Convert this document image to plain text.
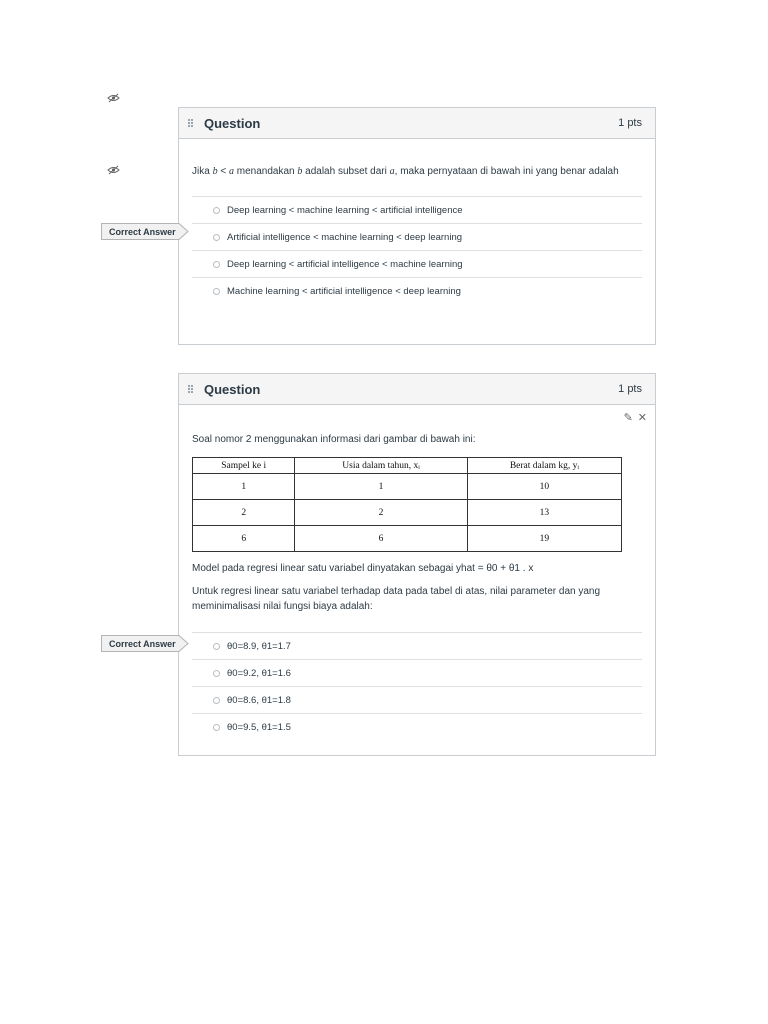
Question	1 pts
Jika b < a menandakan b adalah subset dari a, maka pernyataan di bawah ini yang benar adalah
Deep learning < machine learning < artificial intelligence
Artificial intelligence < machine learning < deep learning
Deep learning < artificial intelligence < machine learning
Machine learning < artificial intelligence < deep learning
Correct Answer
Question	1 pts
✎ ✕
Soal nomor 2 menggunakan informasi dari gambar di bawah ini:
Sampel ke i	Usia dalam tahun, xᵢ	Berat dalam kg, yᵢ
1	1	10
2	2	13
6	6	19
Model pada regresi linear satu variabel dinyatakan sebagai yhat = θ0 + θ1 . x
Untuk regresi linear satu variabel terhadap data pada tabel di atas, nilai parameter dan yang meminimalisasi nilai fungsi biaya adalah:
θ0=8.9, θ1=1.7
θ0=9.2, θ1=1.6
θ0=8.6, θ1=1.8
θ0=9.5, θ1=1.5
Correct Answer
